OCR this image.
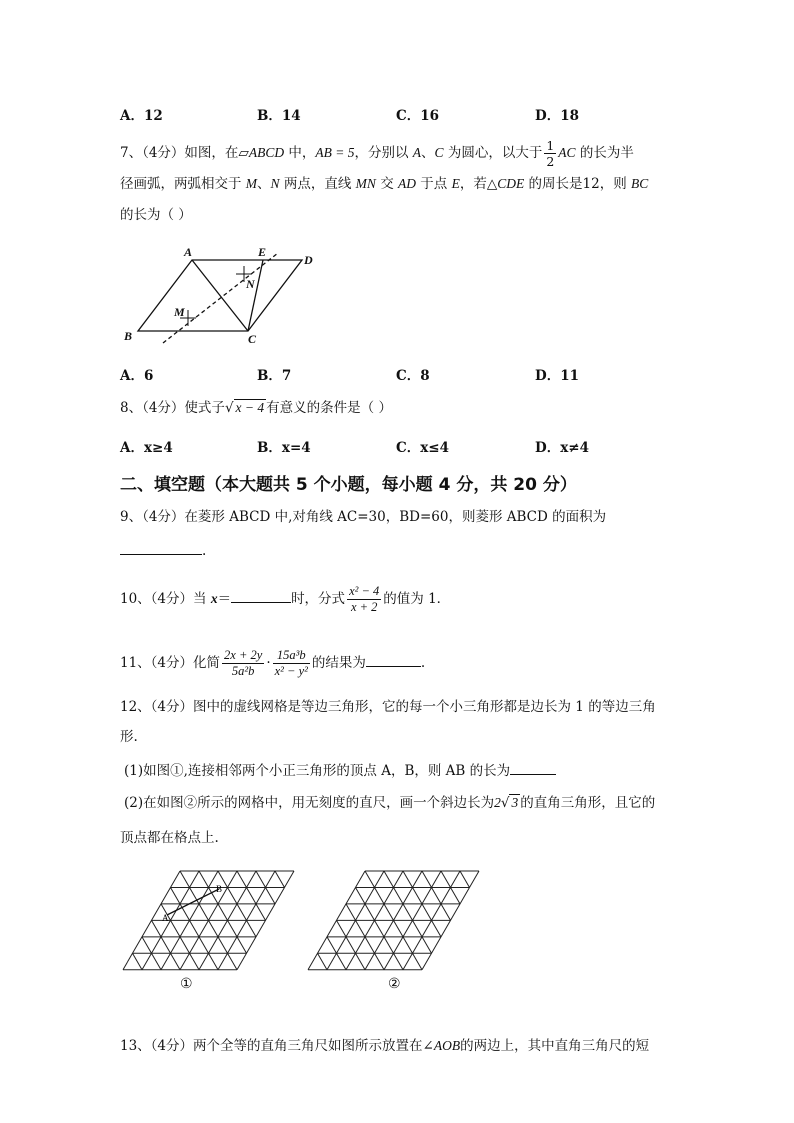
A．12	B．14	C．16	D．18
7、（4分）如图，在▱ABCD 中，AB = 5，分别以 A、C 为圆心，以大于 $\frac{1}{2}$ AC 的长为半
径画弧，两弧相交于 M、N 两点，直线 MN 交 AD 于点 E，若△CDE 的周长是12，则 BC
的长为（ ）
A
B	C
D
E
M
N
A．6	B．7	C．8	D．11
8、（4分）使式子√ x − 4 有意义的条件是（ ）
A．x≥4	B．x=4	C．x≤4	D．x≠4
二、填空题（本大题共 5 个小题，每小题 4 分，共 20 分）
9、（4分）在菱形 ABCD 中,对角线 AC=30，BD=60，则菱形 ABCD 的面积为
.
10、（4分）当 x＝	时，分式 $\frac{\text{x² − 4}}{x + 2}$ 的值为 1．
11、（4分）化简 $\frac{2x + 2y}{\text{5a²b}} \cdot \frac{\text{15a³b}}{\text{x² − y²}}$ 的结果为	.
12、（4分）图中的虚线网格是等边三角形，它的每一个小三角形都是边长为 1 的等边三角
形.
(1)如图①,连接相邻两个小正三角形的顶点 A，B，则 AB 的长为
(2)在如图②所示的网格中，用无刻度的直尺，画一个斜边长为2√ 3 的直角三角形，且它的
顶点都在格点上.
A
B
①	②
13、（4分）两个全等的直角三角尺如图所示放置在∠AOB的两边上，其中直角三角尺的短
